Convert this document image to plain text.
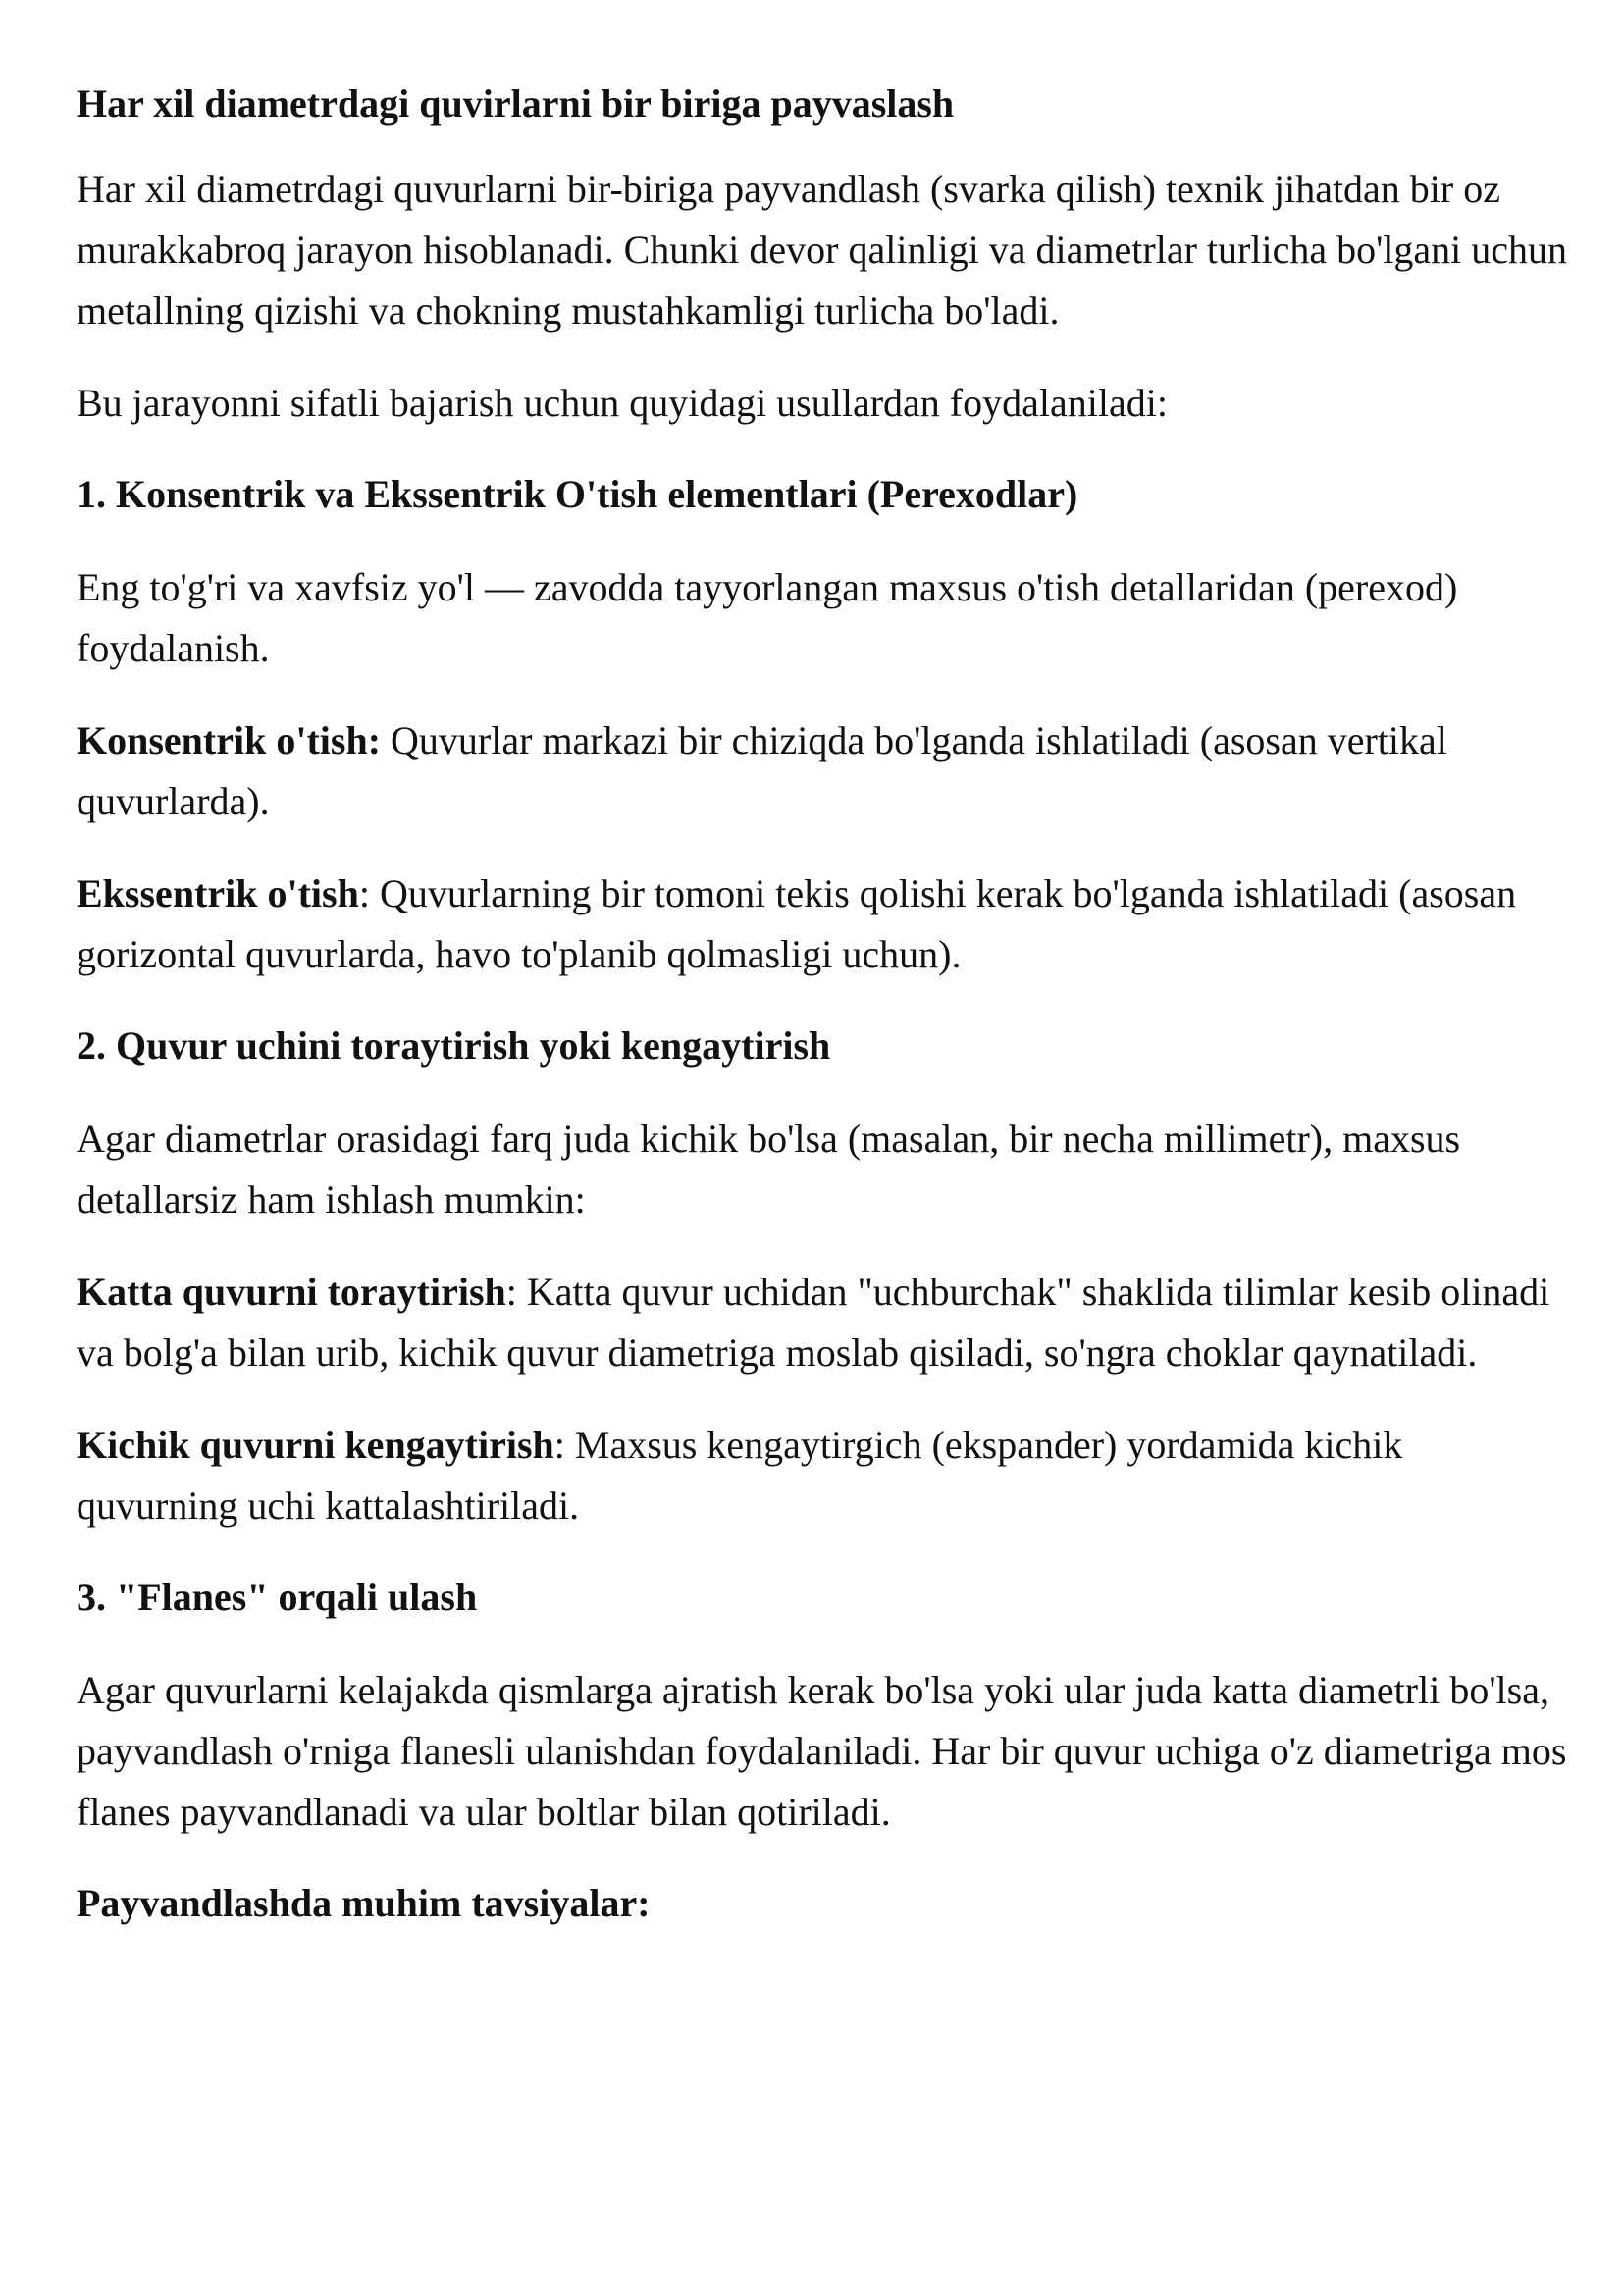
Har xil diametrdagi quvirlarni bir biriga payvaslash
Har xil diametrdagi quvurlarni bir-biriga payvandlash (svarka qilish) texnik jihatdan bir oz murakkabroq jarayon hisoblanadi. Chunki devor qalinligi va diametrlar turlicha bo'lgani uchun metallning qizishi va chokning mustahkamligi turlicha bo'ladi.
Bu jarayonni sifatli bajarish uchun quyidagi usullardan foydalaniladi:
1. Konsentrik va Ekssentrik O'tish elementlari (Perexodlar)
Eng to'g'ri va xavfsiz yo'l — zavodda tayyorlangan maxsus o'tish detallaridan (perexod) foydalanish.
Konsentrik o'tish: Quvurlar markazi bir chiziqda bo'lganda ishlatiladi (asosan vertikal quvurlarda).
Ekssentrik o'tish: Quvurlarning bir tomoni tekis qolishi kerak bo'lganda ishlatiladi (asosan gorizontal quvurlarda, havo to'planib qolmasligi uchun).
2. Quvur uchini toraytirish yoki kengaytirish
Agar diametrlar orasidagi farq juda kichik bo'lsa (masalan, bir necha millimetr), maxsus detallarsiz ham ishlash mumkin:
Katta quvurni toraytirish: Katta quvur uchidan "uchburchak" shaklida tilimlar kesib olinadi va bolg'a bilan urib, kichik quvur diametriga moslab qisiladi, so'ngra choklar qaynatiladi.
Kichik quvurni kengaytirish: Maxsus kengaytirgich (ekspander) yordamida kichik quvurning uchi kattalashtiriladi.
3. "Flanes" orqali ulash
Agar quvurlarni kelajakda qismlarga ajratish kerak bo'lsa yoki ular juda katta diametrli bo'lsa, payvandlash o'rniga flanesli ulanishdan foydalaniladi. Har bir quvur uchiga o'z diametriga mos flanes payvandlanadi va ular boltlar bilan qotiriladi.
Payvandlashda muhim tavsiyalar:
